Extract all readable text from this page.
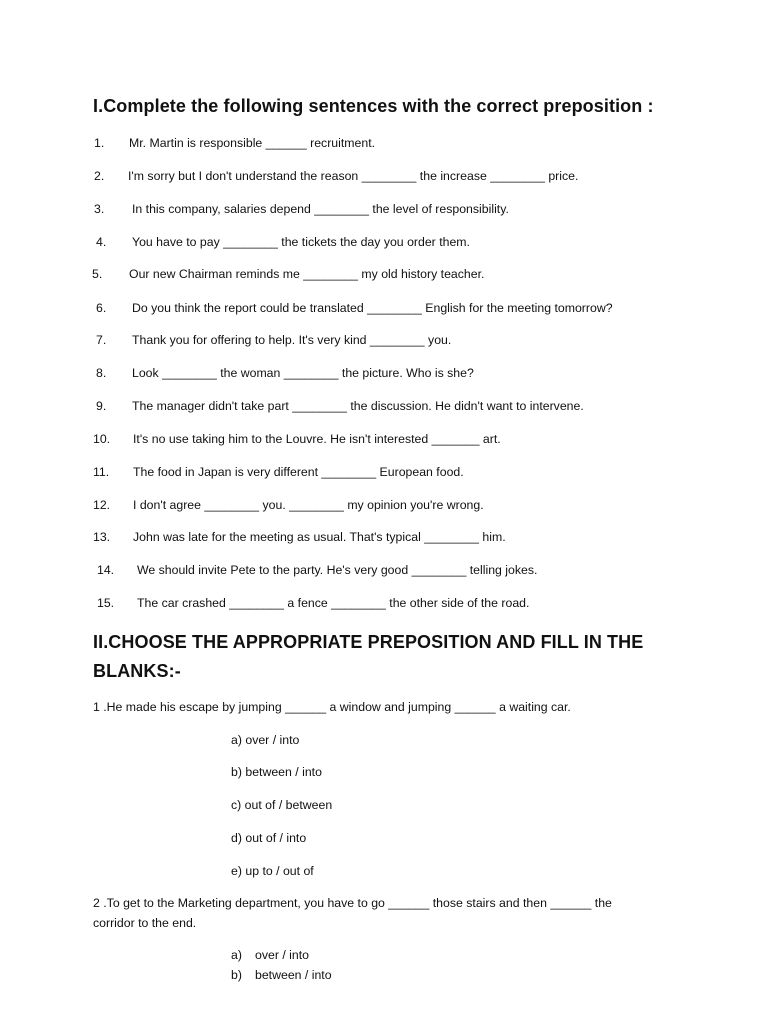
I.Complete the following sentences with the correct preposition :
1. Mr. Martin is responsible ______ recruitment.
2. I'm sorry but I don't understand the reason ________ the increase ________ price.
3. In this company, salaries depend ________ the level of responsibility.
4. You have to pay ________ the tickets the day you order them.
5. Our new Chairman reminds me ________ my old history teacher.
6. Do you think the report could be translated ________ English for the meeting tomorrow?
7. Thank you for offering to help. It's very kind ________ you.
8. Look ________ the woman ________ the picture. Who is she?
9. The manager didn't take part ________ the discussion. He didn't want to intervene.
10. It's no use taking him to the Louvre. He isn't interested _______ art.
11. The food in Japan is very different ________ European food.
12. I don't agree ________ you. ________ my opinion you're wrong.
13. John was late for the meeting as usual. That's typical ________ him.
14. We should invite Pete to the party. He's very good ________ telling jokes.
15. The car crashed ________ a fence ________ the other side of the road.
II.CHOOSE THE APPROPRIATE PREPOSITION AND FILL IN THE BLANKS:-
1 .He made his escape by jumping ______ a window and jumping ______ a waiting car.
a) over / into
b) between / into
c) out of / between
d) out of / into
e) up to / out of
2 .To get to the Marketing department, you have to go ______ those stairs and then ______ the corridor to the end.
a) over / into
b) between / into
